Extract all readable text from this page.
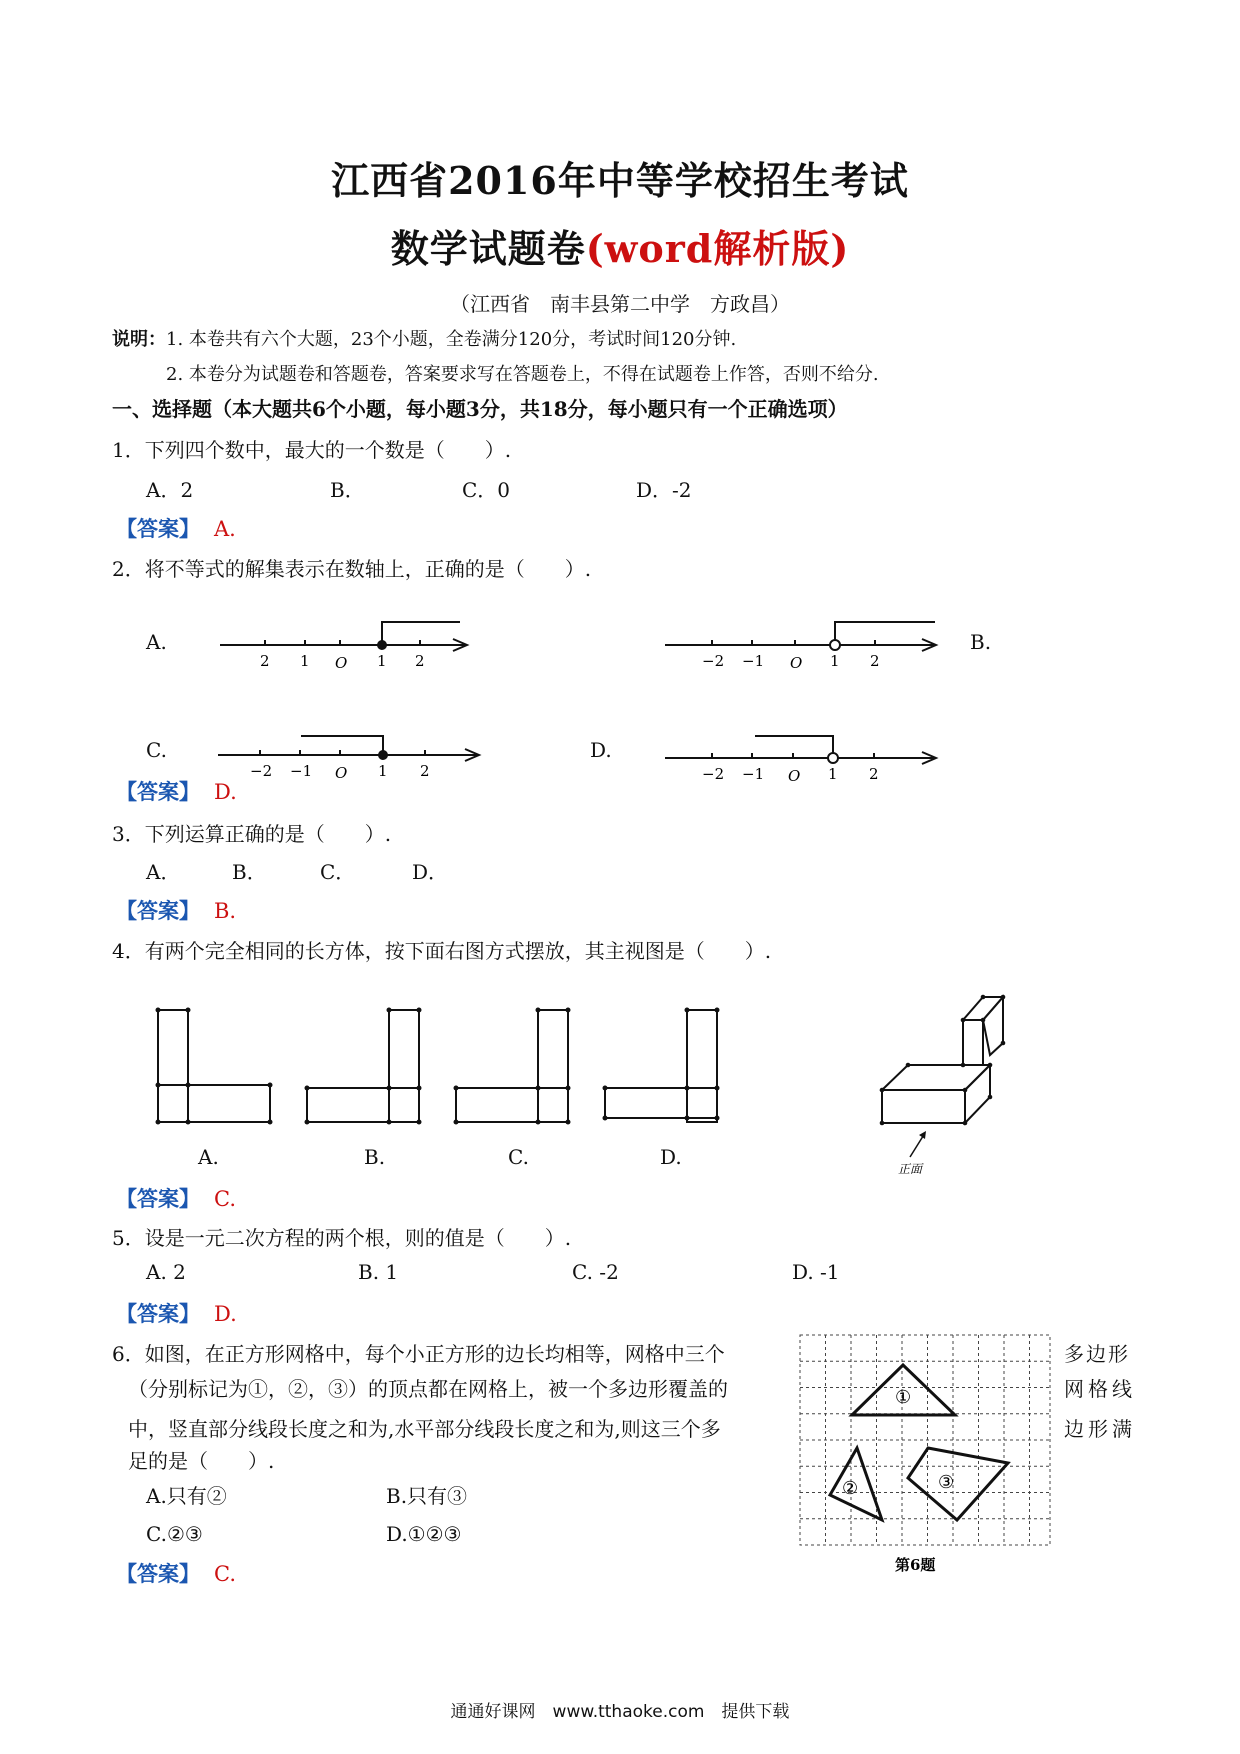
江西省2016年中等学校招生考试
数学试题卷(word解析版)
（江西省　南丰县第二中学　方政昌）
说明：1. 本卷共有六个大题，23个小题，全卷满分120分，考试时间120分钟.
2. 本卷分为试题卷和答题卷，答案要求写在答题卷上，不得在试题卷上作答，否则不给分.
一、选择题（本大题共6个小题，每小题3分，共18分，每小题只有一个正确选项）
1．下列四个数中，最大的一个数是（　　）.
A．2	B．	C．0	D．-2
【答案】 A.
2．将不等式的解集表示在数轴上，正确的是（　　）.
A.	B.
C.	D.
2 1 O 1 2	−2 −1 O 1 2
−2 −1 O 1 2	−2 −1 O 1 2
【答案】 D.
3．下列运算正确的是（　　）.
A．	B．	C．	D．
【答案】 B.
4．有两个完全相同的长方体，按下面右图方式摆放，其主视图是（　　）.
A.	B.	C.	D.	正面
【答案】 C.
5．设是一元二次方程的两个根，则的值是（　　）.
A. 2	B. 1	C. -2	D. -1
【答案】 D.
6．如图，在正方形网格中，每个小正方形的边长均相等，网格中三个
（分别标记为①，②，③）的顶点都在网格上，被一个多边形覆盖的
中，竖直部分线段长度之和为,水平部分线段长度之和为,则这三个多
足的是（　　）.
多边形
网格线
边形满
A.只有②	B.只有③
C.②③	D.①②③
【答案】 C.
①
②	③
第6题
通通好课网　www.tthaoke.com　提供下载
